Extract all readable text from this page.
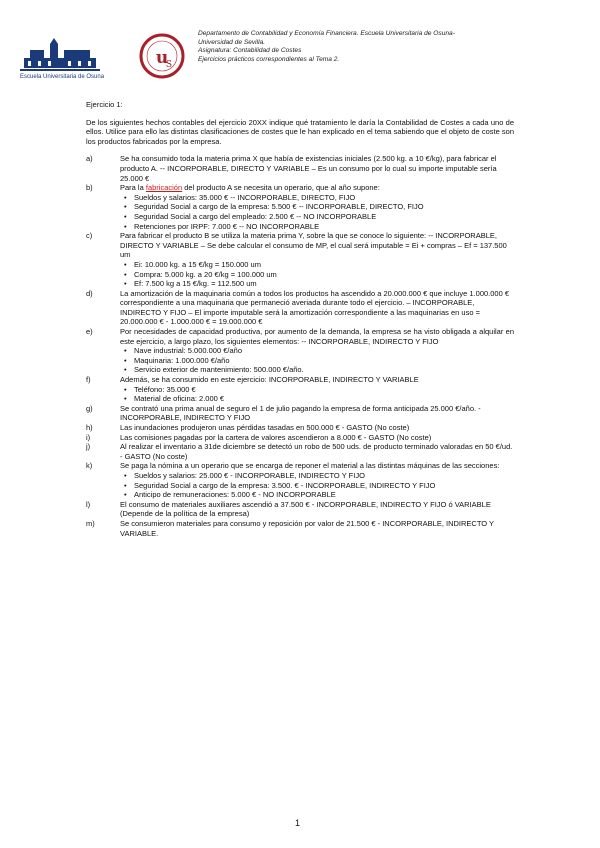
Escuela Universitaria de Osuna
u
S
Departamento de Contabilidad y Economía Financiera. Escuela Universitaria de Osuna-
Universidad de Sevilla.
Asignatura: Contabilidad de Costes
Ejercicios prácticos correspondientes al Tema 2.

Ejercicio 1:

De los siguientes hechos contables del ejercicio 20XX indique qué tratamiento le daría la Contabilidad de Costes a cada uno de ellos. Utilice para ello las distintas clasificaciones de costes que le han explicado en el tema sabiendo que el objeto de coste son los productos fabricados por la empresa.

a)	Se ha consumido toda la materia prima X que había de existencias iniciales (2.500 kg. a 10 €/kg), para fabricar el producto A. -- INCORPORABLE, DIRECTO Y VARIABLE – Es un consumo por lo cual su importe imputable sería 25.000 €

b)	Para la fabricación del producto A se necesita un operario, que al año supone:

• Sueldos y salarios: 35.000 € -- INCORPORABLE, DIRECTO, FIJO
• Seguridad Social a cargo de la empresa: 5.500 € -- INCORPORABLE, DIRECTO, FIJO
• Seguridad Social a cargo del empleado: 2.500 € -- NO INCORPORABLE
• Retenciones por IRPF: 7.000 € -- NO INCORPORABLE
c)	Para fabricar el producto B se utiliza la materia prima Y, sobre la que se conoce lo siguiente: -- INCORPORABLE, DIRECTO Y VARIABLE – Se debe calcular el consumo de MP, el cual será imputable = Ei + compras – Ef = 137.500 um

• Ei: 10.000 kg. a 15 €/kg = 150.000 um
• Compra: 5.000 kg. a 20 €/kg = 100.000 um
• Ef: 7.500 kg a 15 €/kg. = 112.500 um
d)	La amortización de la maquinaria común a todos los productos ha ascendido a 20.000.000 € que incluye 1.000.000 € correspondiente a una maquinaria que permaneció averiada durante todo el ejercicio. – INCORPORABLE, INDIRECTO Y FIJO – El importe imputable será la amortización correspondiente a las maquinarias en uso = 20.000.000 € - 1.000.000 € = 19.000.000 €

e)	Por necesidades de capacidad productiva, por aumento de la demanda, la empresa se ha visto obligada a alquilar en este ejercicio, a largo plazo, los siguientes elementos: -- INCORPORABLE, INDIRECTO Y FIJO

• Nave industrial: 5.000.000 €/año
• Maquinaria: 1.000.000 €/año
• Servicio exterior de mantenimiento: 500.000 €/año.
f)	Además, se ha consumido en este ejercicio: INCORPORABLE, INDIRECTO Y VARIABLE

• Teléfono: 35.000 €
• Material de oficina: 2.000 €
g)	Se contrató una prima anual de seguro el 1 de julio pagando la empresa de forma anticipada 25.000 €/año. - INCORPORABLE, INDIRECTO Y FIJO

h)	Las inundaciones produjeron unas pérdidas tasadas en 500.000 € - GASTO (No coste)

i)	Las comisiones pagadas por la cartera de valores ascendieron a 8.000 € - GASTO (No coste)

j)	Al realizar el inventario a 31de diciembre se detectó un robo de 500 uds. de producto terminado valoradas en 50 €/ud. - GASTO (No coste)

k)	Se paga la nómina a un operario que se encarga de reponer el material a las distintas máquinas de las secciones:

• Sueldos y salarios: 25.000 € - INCORPORABLE, INDIRECTO Y FIJO
• Seguridad Social a cargo de la empresa: 3.500. € - INCORPORABLE, INDIRECTO Y FIJO
• Anticipo de remuneraciones: 5.000 € - NO INCORPORABLE
l)	El consumo de materiales auxiliares ascendió a 37.500 € - INCORPORABLE, INDIRECTO Y FIJO ó VARIABLE (Depende de la política de la empresa)

m)	Se consumieron materiales para consumo y reposición por valor de 21.500 € - INCORPORABLE, INDIRECTO Y VARIABLE.

1
